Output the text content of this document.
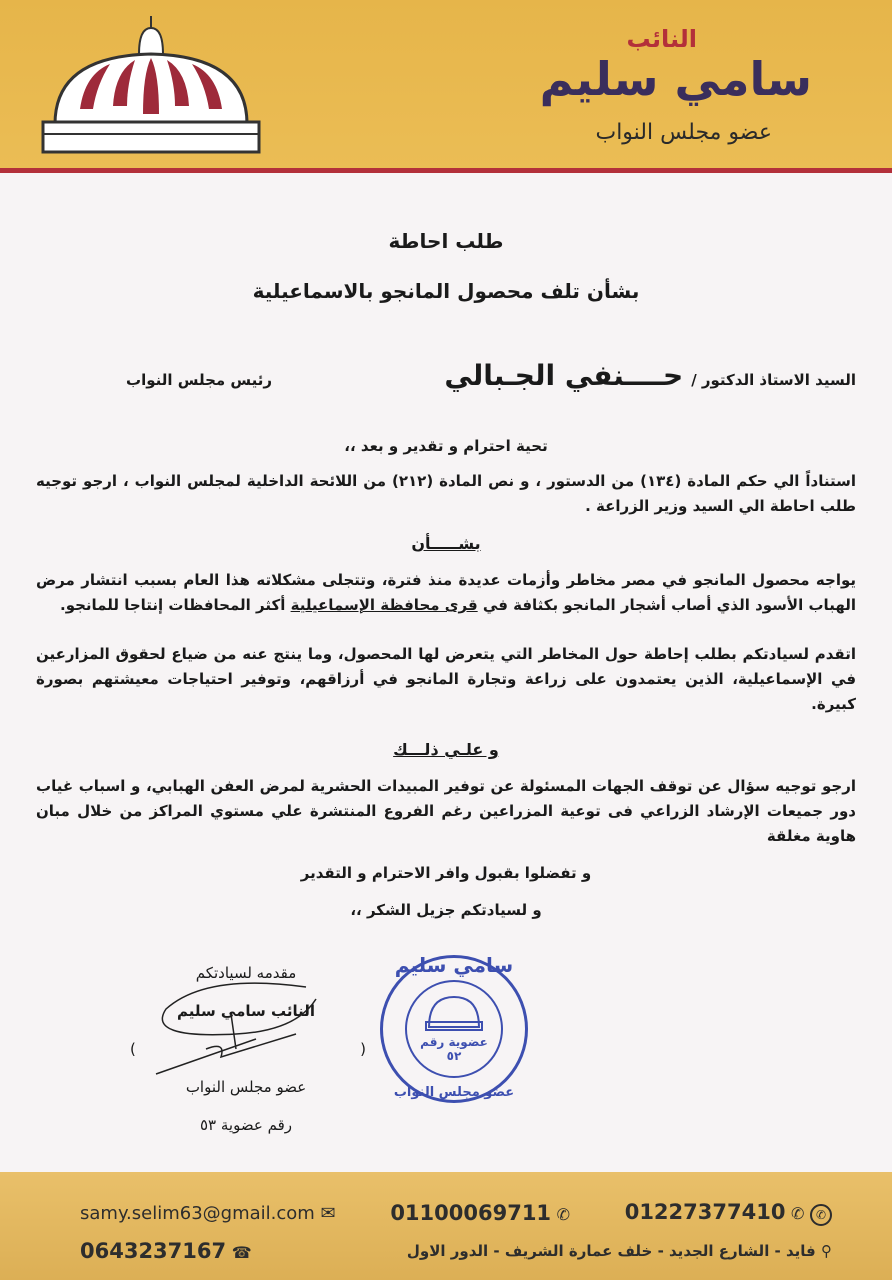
النائب
سامي سليم
عضو مجلس النواب
طلب احاطة
بشأن تلف محصول المانجو بالاسماعيلية
السيد الاستاذ الدكتور /
حــــنفي الجـبالي
رئيس مجلس النواب
تحية احترام و تقدير و بعد ،،
استناداً الي حكم المادة (١٣٤) من الدستور ، و نص المادة (٢١٢) من اللائحة الداخلية لمجلس النواب ، ارجو توجيه طلب احاطة الي السيد وزير الزراعة .
بشـــــأن
يواجه محصول المانجو في مصر مخاطر وأزمات عديدة منذ فترة، وتتجلى مشكلاته هذا العام بسبب انتشار مرض الهباب الأسود الذي أصاب أشجار المانجو بكثافة في قرى محافظة الإسماعيلية أكثر المحافظات إنتاجا للمانجو.
اتقدم لسيادتكم بطلب إحاطة حول المخاطر التي يتعرض لها المحصول، وما ينتج عنه من ضياع لحقوق المزارعين في الإسماعيلية، الذين يعتمدون على زراعة وتجارة المانجو في أرزاقهم، وتوفير احتياجات معيشتهم بصورة كبيرة.
و علـي ذلـــك
ارجو توجيه سؤال عن توقف الجهات المسئولة عن توفير المبيدات الحشرية لمرض العفن الهبابي، و اسباب غياب دور جميعات الإرشاد الزراعي فى توعية المزراعين رغم الفروع المنتشرة علي مستوي المراكز من خلال مبان هاوية مغلقة
و تفضلوا بقبول وافر الاحترام و التقدير
و لسيادتكم جزيل الشكر ،،
مقدمه لسيادتكم
النائب سامي سليم
(
)
عضو مجلس النواب
رقم عضوية ٥٣
سامي سليم
عضوية رقم
٥٢
عضو مجلس النواب
samy.selim63@gmail.com ✉	01100069711 ✆	01227377410 ✆ ✆
0643237167 ☎	⚲ فايد - الشارع الجديد - خلف عمارة الشريف - الدور الاول
